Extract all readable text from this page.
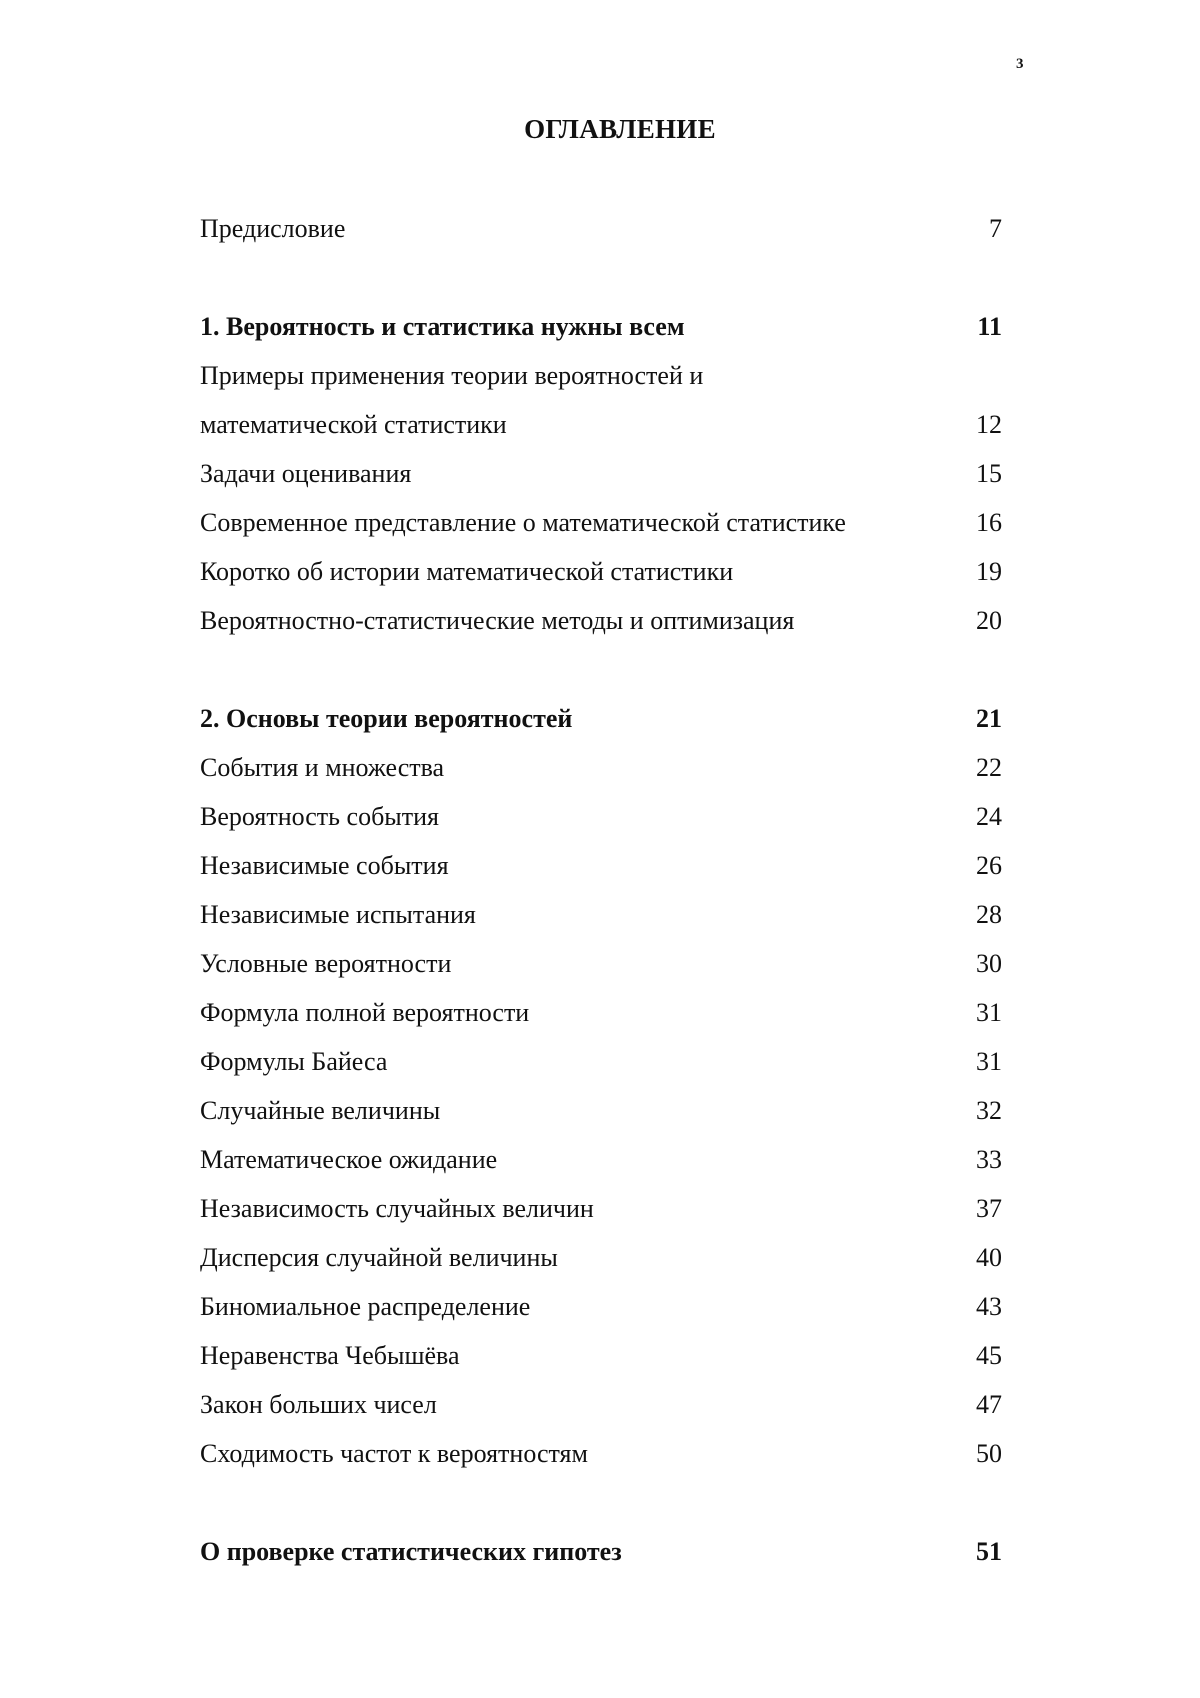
3
ОГЛАВЛЕНИЕ
Предисловие	7
1. Вероятность и статистика нужны всем	11
Примеры применения теории вероятностей и
математической статистики	12
Задачи оценивания	15
Современное представление о математической статистике	16
Коротко об истории математической статистики	19
Вероятностно-статистические методы и оптимизация	20
2. Основы теории вероятностей	21
События и множества	22
Вероятность события	24
Независимые события	26
Независимые испытания	28
Условные вероятности	30
Формула полной вероятности	31
Формулы Байеса	31
Случайные величины	32
Математическое ожидание	33
Независимость случайных величин	37
Дисперсия случайной величины	40
Биномиальное распределение	43
Неравенства Чебышёва	45
Закон больших чисел	47
Сходимость частот к вероятностям	50
О проверке статистических гипотез	51
